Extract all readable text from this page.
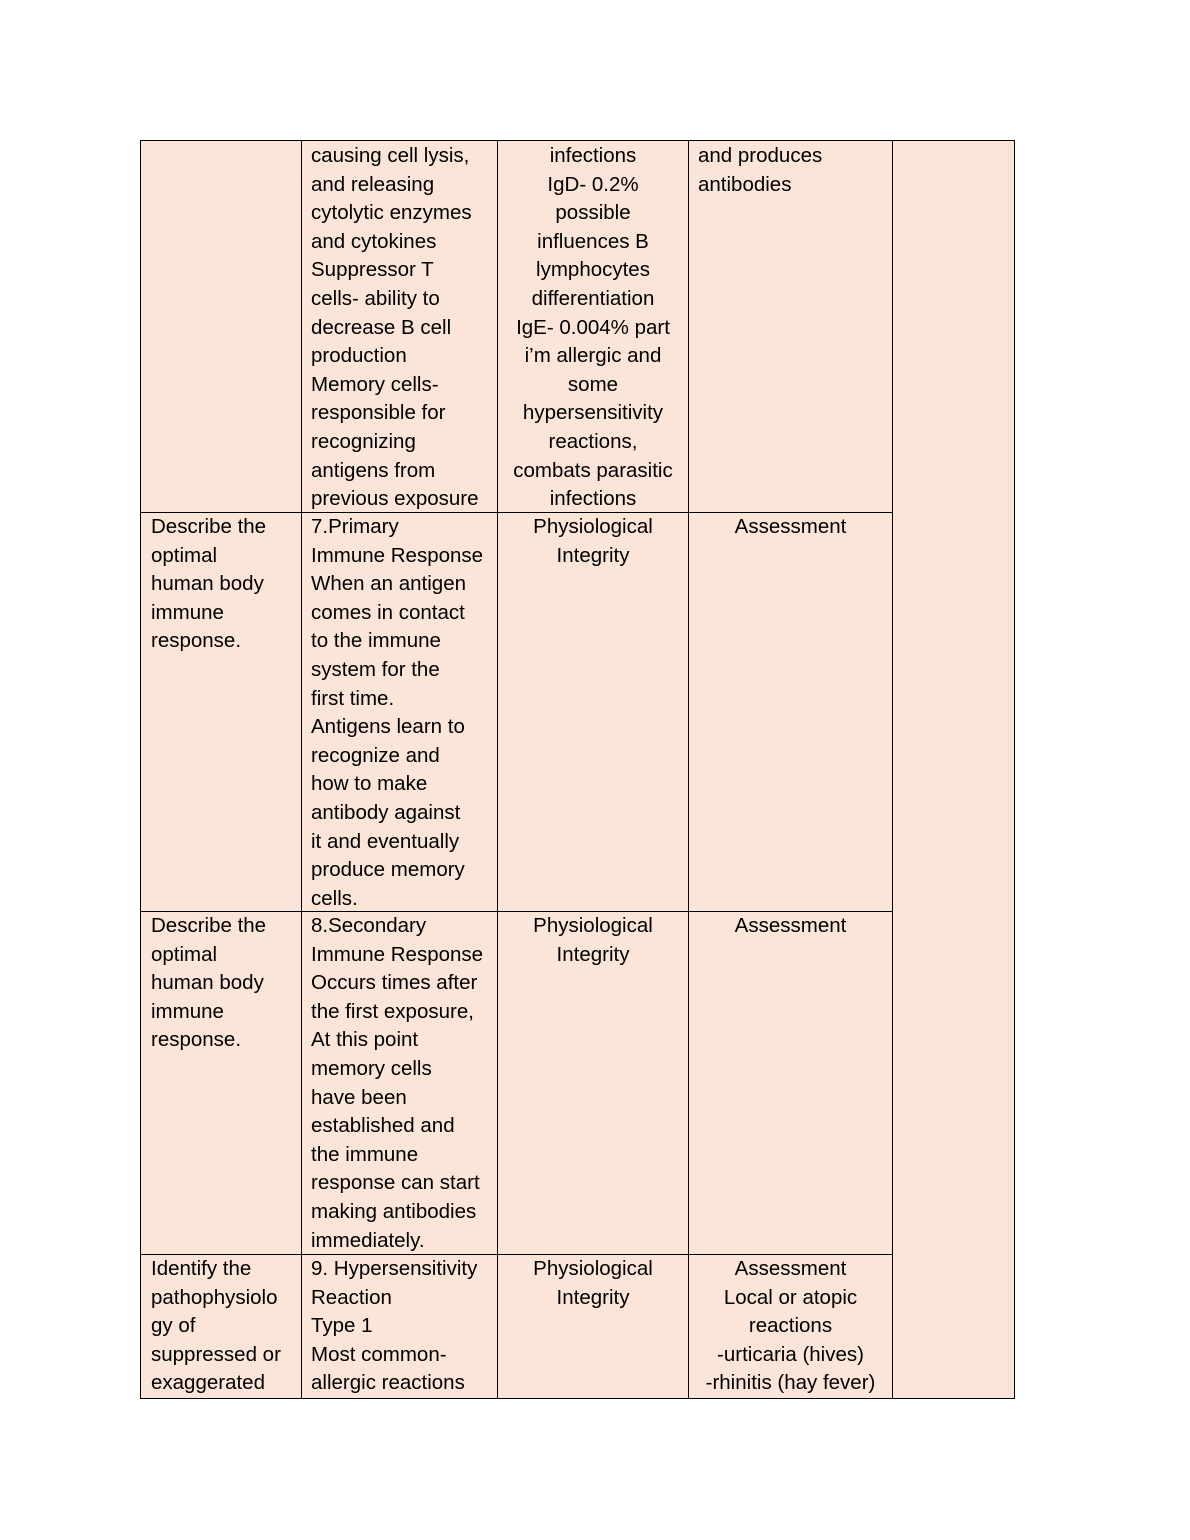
causing cell lysis,
and releasing
cytolytic enzymes
and cytokines
Suppressor T
cells- ability to
decrease B cell
production
Memory cells-
responsible for
recognizing
antigens from
previous exposure
infections
IgD- 0.2%
possible
influences B
lymphocytes
differentiation
IgE- 0.004% part
i’m allergic and
some
hypersensitivity
reactions,
combats parasitic
infections
and produces
antibodies
Describe the
optimal
human body
immune
response.
7.Primary
Immune Response
When an antigen
comes in contact
to the immune
system for the
first time.
Antigens learn to
recognize and
how to make
antibody against
it and eventually
produce memory
cells.
Physiological
Integrity
Assessment
Describe the
optimal
human body
immune
response.
8.Secondary
Immune Response
Occurs times after
the first exposure,
At this point
memory cells
have been
established and
the immune
response can start
making antibodies
immediately.
Physiological
Integrity
Assessment
Identify the
pathophysiolo
gy of
suppressed or
exaggerated
9. Hypersensitivity
Reaction
Type 1
Most common-
allergic reactions
Physiological
Integrity
Assessment
Local or atopic
reactions
-urticaria (hives)
-rhinitis (hay fever)
